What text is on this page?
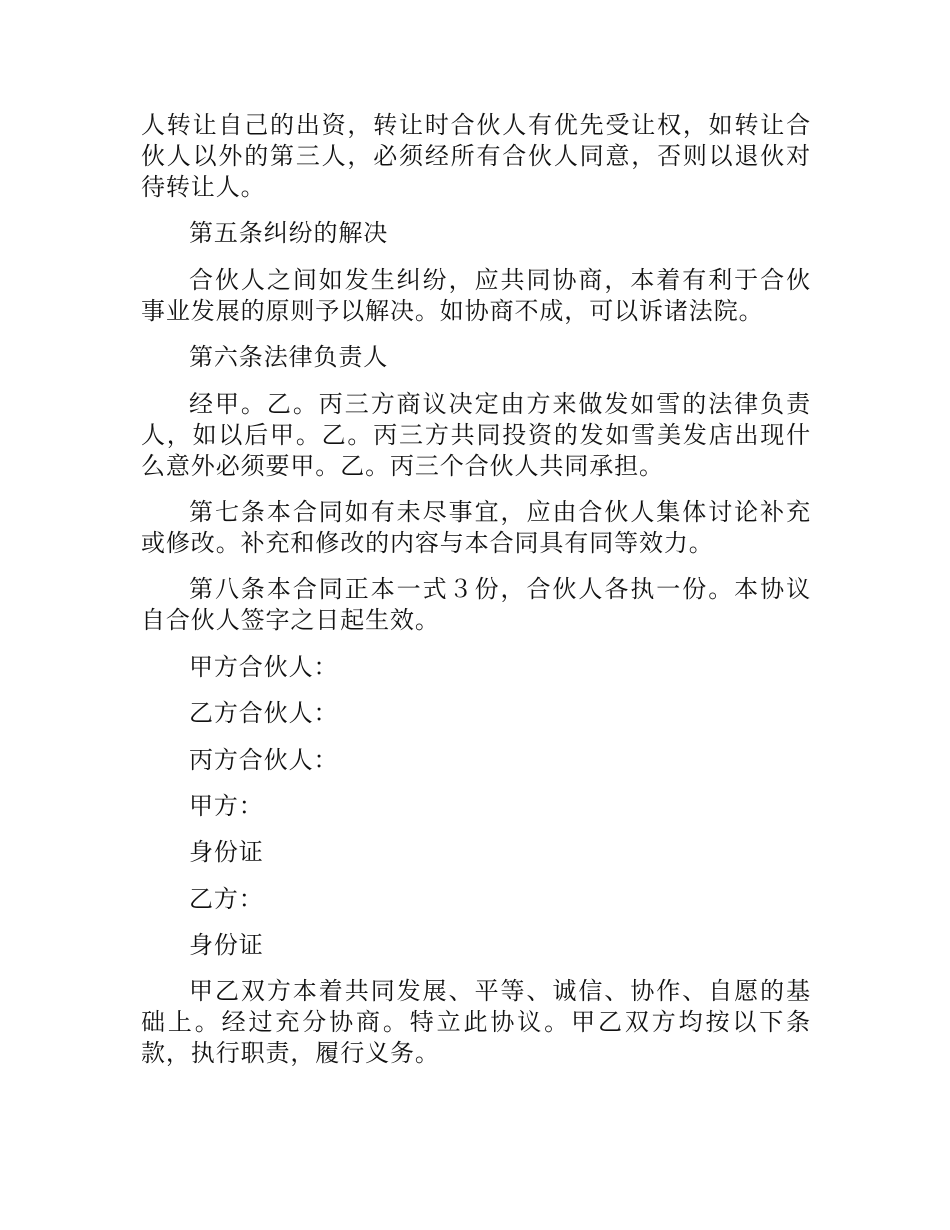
人转让自己的出资，转让时合伙人有优先受让权，如转让合伙人以外的第三人，必须经所有合伙人同意，否则以退伙对待转让人。

第五条纠纷的解决

合伙人之间如发生纠纷，应共同协商，本着有利于合伙事业发展的原则予以解决。如协商不成，可以诉诸法院。

第六条法律负责人

经甲。乙。丙三方商议决定由方来做发如雪的法律负责人，如以后甲。乙。丙三方共同投资的发如雪美发店出现什么意外必须要甲。乙。丙三个合伙人共同承担。

第七条本合同如有未尽事宜，应由合伙人集体讨论补充或修改。补充和修改的内容与本合同具有同等效力。

第八条本合同正本一式３份，合伙人各执一份。本协议自合伙人签字之日起生效。

甲方合伙人：

乙方合伙人：

丙方合伙人：

甲方：

身份证

乙方：

身份证

甲乙双方本着共同发展、平等、诚信、协作、自愿的基础上。经过充分协商。特立此协议。甲乙双方均按以下条款，执行职责，履行义务。
